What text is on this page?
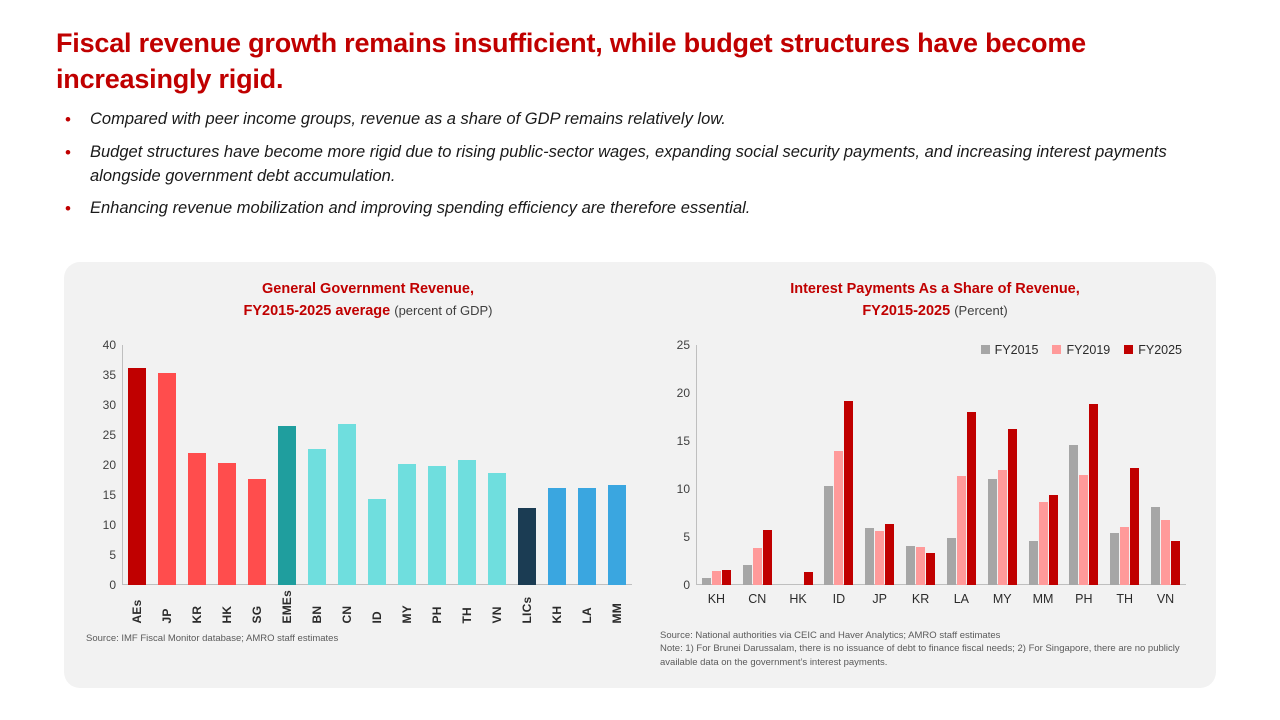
Fiscal revenue growth remains insufficient, while budget structures have become increasingly rigid.
• Compared with peer income groups, revenue as a share of GDP remains relatively low.
• Budget structures have become more rigid due to rising public-sector wages, expanding social security payments, and increasing interest payments alongside government debt accumulation.
• Enhancing revenue mobilization and improving spending efficiency are therefore essential.
General Government Revenue,
FY2015-2025 average (percent of GDP)
0
5
10
15
20
25
30
35
40
AEs JP KR HK SG EMEs BN CN ID MY PH TH VN LICs KH LA MM
Source: IMF Fiscal Monitor database; AMRO staff estimates
Interest Payments As a Share of Revenue,
FY2015-2025 (Percent)
0
5
10
15
20
25
KH CN HK ID JP KR LA MY MM PH TH VN
FY2015 FY2019 FY2025
Source: National authorities via CEIC and Haver Analytics; AMRO staff estimates
Note: 1) For Brunei Darussalam, there is no issuance of debt to finance fiscal needs; 2) For Singapore, there are no publicly available data on the government’s interest payments.
